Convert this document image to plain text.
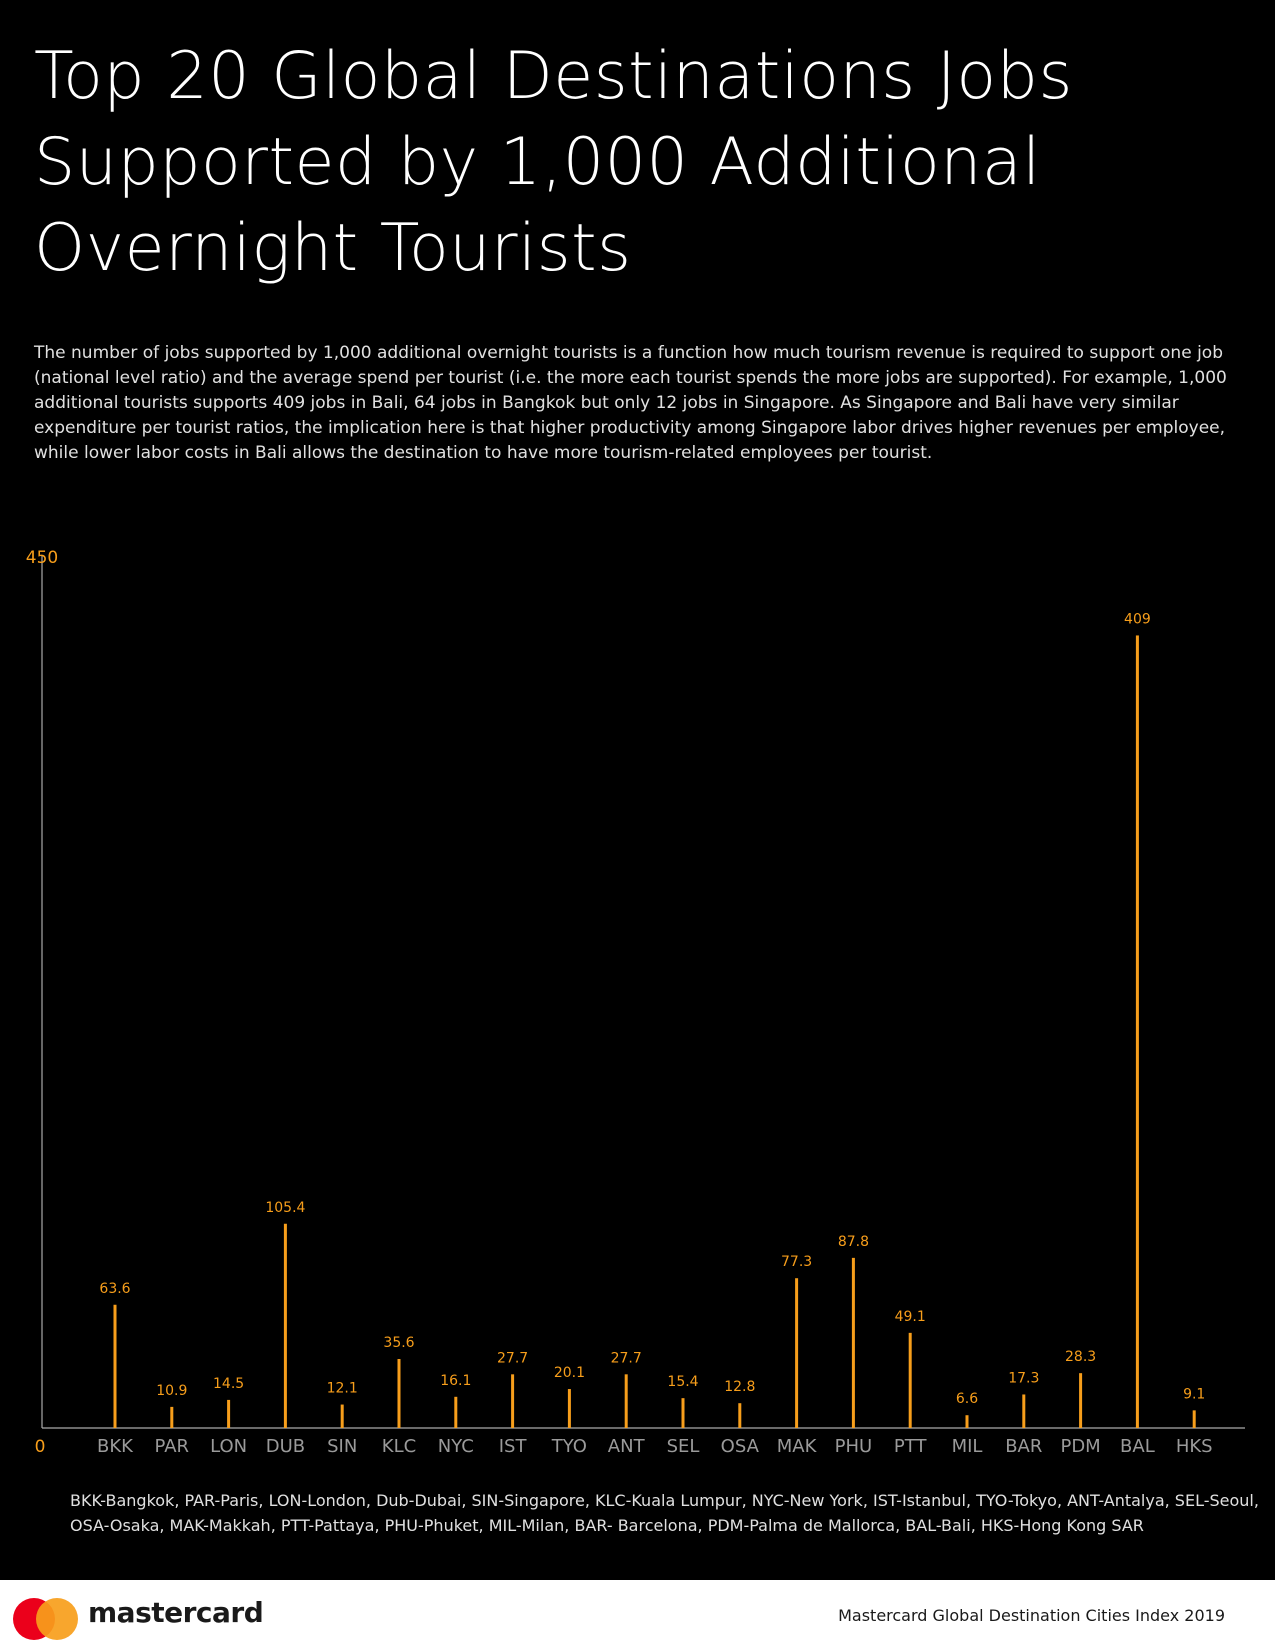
Top 20 Global Destinations Jobs Supported by 1,000 Additional Overnight Tourists

The number of jobs supported by 1,000 additional overnight tourists is a function how much tourism revenue is required to support one job (national level ratio) and the average spend per tourist (i.e. the more each tourist spends the more jobs are supported). For example, 1,000 additional tourists supports 409 jobs in Bali, 64 jobs in Bangkok but only 12 jobs in Singapore. As Singapore and Bali have very similar expenditure per tourist ratios, the implication here is that higher productivity among Singapore labor drives higher revenues per employee, while lower labor costs in Bali allows the destination to have more tourism-related employees per tourist.

450
0
63.6
BKK
10.9
PAR
14.5
LON
105.4
DUB
12.1
SIN
35.6
KLC
16.1
NYC
27.7
IST
20.1
TYO
27.7
ANT
15.4
SEL
12.8
OSA
77.3
MAK
87.8
PHU
49.1
PTT
6.6
MIL
17.3
BAR
28.3
PDM
409
BAL
9.1
HKS

BKK-Bangkok, PAR-Paris, LON-London, Dub-Dubai, SIN-Singapore, KLC-Kuala Lumpur, NYC-New York, IST-Istanbul, TYO-Tokyo, ANT-Antalya, SEL-Seoul, OSA-Osaka, MAK-Makkah, PTT-Pattaya, PHU-Phuket, MIL-Milan, BAR- Barcelona, PDM-Palma de Mallorca, BAL-Bali, HKS-Hong Kong SAR

mastercard	Mastercard Global Destination Cities Index 2019
